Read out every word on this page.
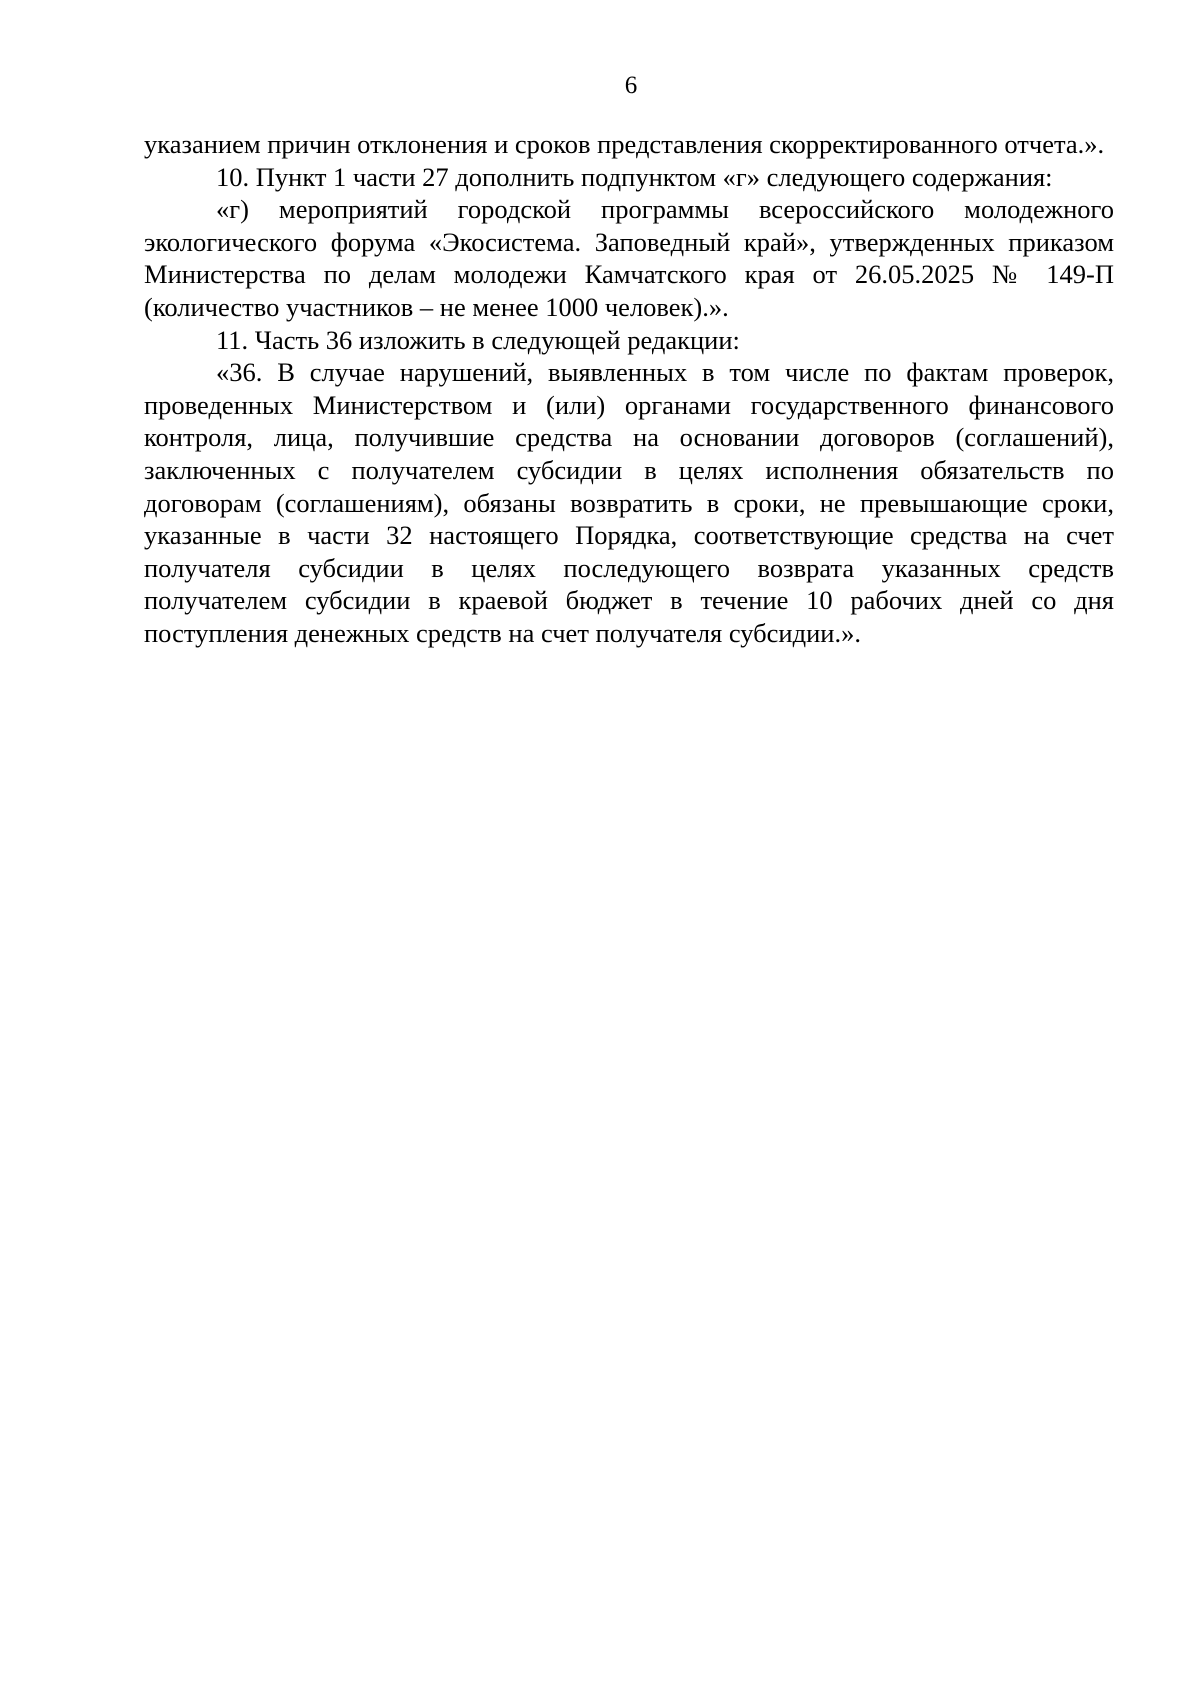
6

указанием причин отклонения и сроков представления скорректированного отчета.».

10. Пункт 1 части 27 дополнить подпунктом «г» следующего содержания:

«г) мероприятий городской программы всероссийского молодежного экологического форума «Экосистема. Заповедный край», утвержденных приказом Министерства по делам молодежи Камчатского края от 26.05.2025 № 149-П (количество участников – не менее 1000 человек).».

11. Часть 36 изложить в следующей редакции:

«36. В случае нарушений, выявленных в том числе по фактам проверок, проведенных Министерством и (или) органами государственного финансового контроля, лица, получившие средства на основании договоров (соглашений), заключенных с получателем субсидии в целях исполнения обязательств по договорам (соглашениям), обязаны возвратить в сроки, не превышающие сроки, указанные в части 32 настоящего Порядка, соответствующие средства на счет получателя субсидии в целях последующего возврата указанных средств получателем субсидии в краевой бюджет в течение 10 рабочих дней со дня поступления денежных средств на счет получателя субсидии.».
